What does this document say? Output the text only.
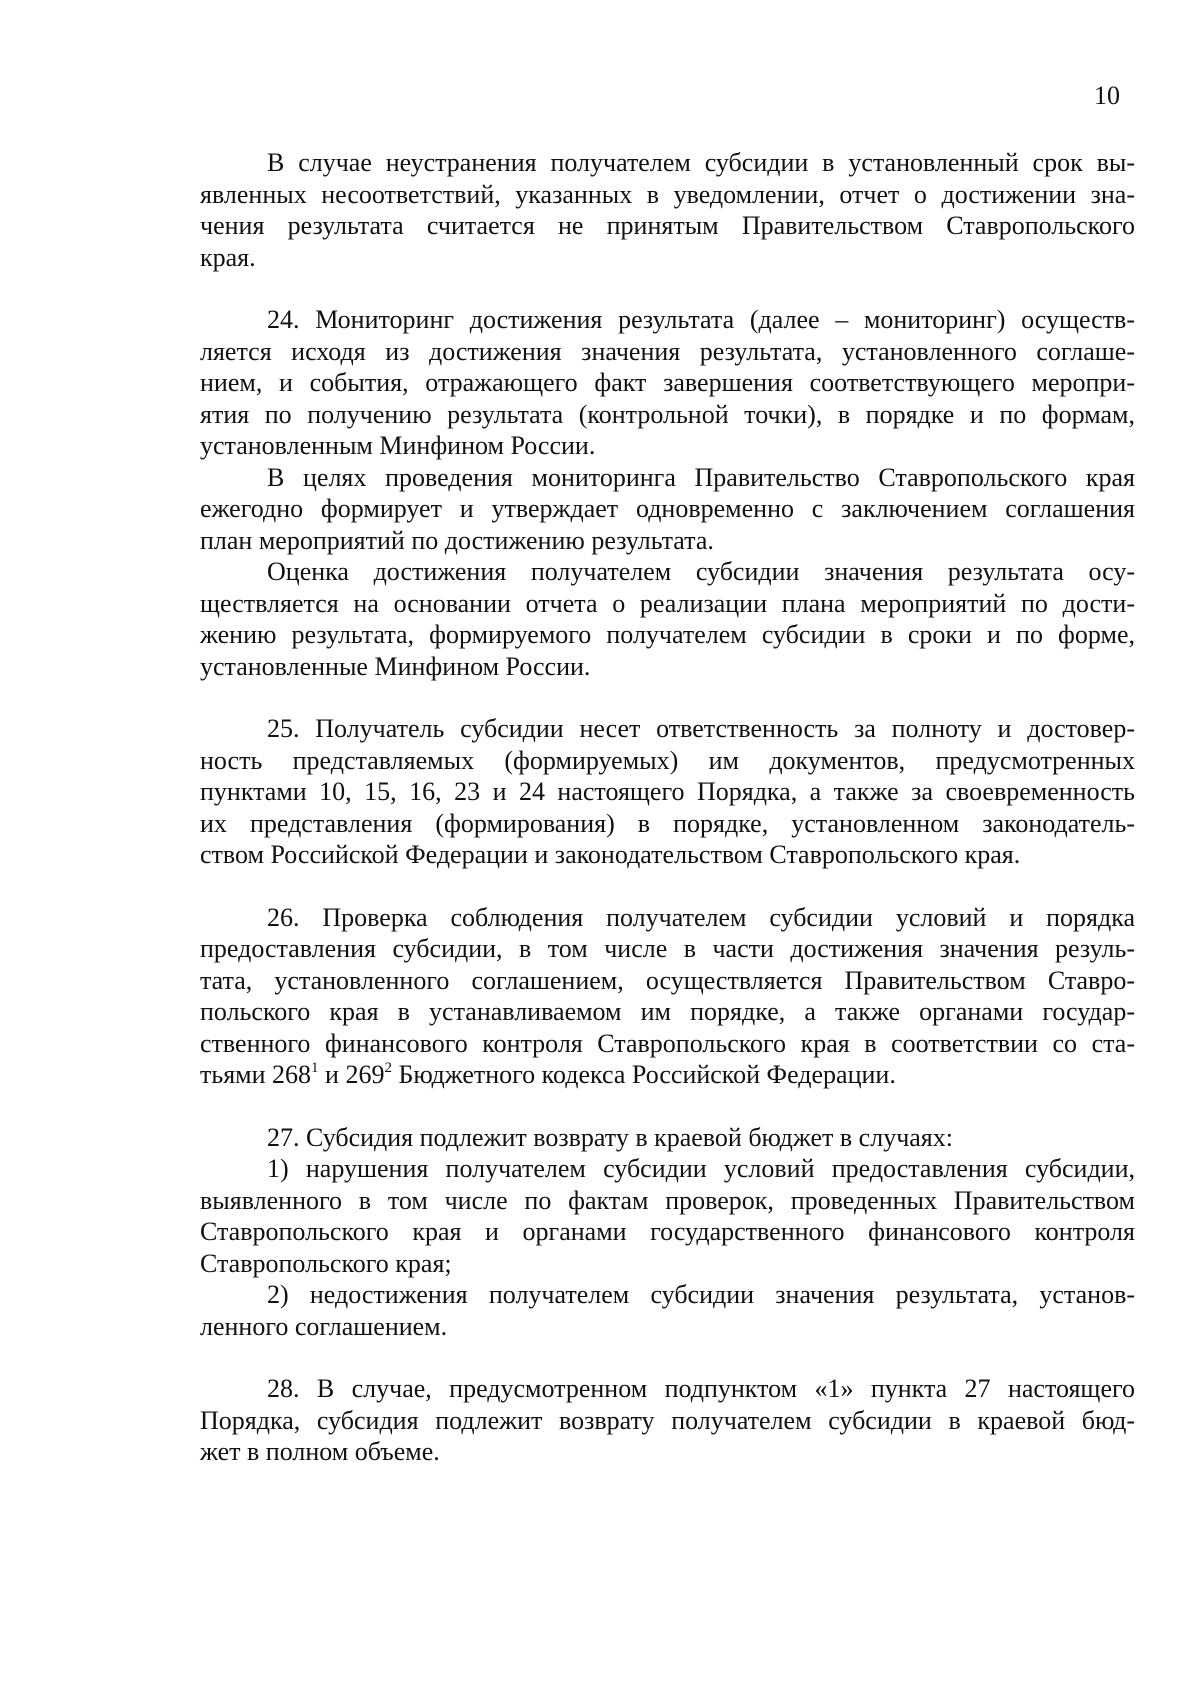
10
В случае неустранения получателем субсидии в установленный срок вы-
явленных несоответствий, указанных в уведомлении, отчет о достижении зна-
чения результата считается не принятым Правительством Ставропольского
края.
24. Мониторинг достижения результата (далее – мониторинг) осуществ-
ляется исходя из достижения значения результата, установленного соглаше-
нием, и события, отражающего факт завершения соответствующего меропри-
ятия по получению результата (контрольной точки), в порядке и по формам,
установленным Минфином России.
В целях проведения мониторинга Правительство Ставропольского края
ежегодно формирует и утверждает одновременно с заключением соглашения
план мероприятий по достижению результата.
Оценка достижения получателем субсидии значения результата осу-
ществляется на основании отчета о реализации плана мероприятий по дости-
жению результата, формируемого получателем субсидии в сроки и по форме,
установленные Минфином России.
25. Получатель субсидии несет ответственность за полноту и достовер-
ность представляемых (формируемых) им документов, предусмотренных
пунктами 10, 15, 16, 23 и 24 настоящего Порядка, а также за своевременность
их представления (формирования) в порядке, установленном законодатель-
ством Российской Федерации и законодательством Ставропольского края.
26. Проверка соблюдения получателем субсидии условий и порядка
предоставления субсидии, в том числе в части достижения значения резуль-
тата, установленного соглашением, осуществляется Правительством Ставро-
польского края в устанавливаемом им порядке, а также органами государ-
ственного финансового контроля Ставропольского края в соответствии со ста-
тьями $268^1$ и $269^2$ Бюджетного кодекса Российской Федерации.
27. Субсидия подлежит возврату в краевой бюджет в случаях:
1) нарушения получателем субсидии условий предоставления субсидии,
выявленного в том числе по фактам проверок, проведенных Правительством
Ставропольского края и органами государственного финансового контроля
Ставропольского края;
2) недостижения получателем субсидии значения результата, установ-
ленного соглашением.
28. В случае, предусмотренном подпунктом «1» пункта 27 настоящего
Порядка, субсидия подлежит возврату получателем субсидии в краевой бюд-
жет в полном объеме.
